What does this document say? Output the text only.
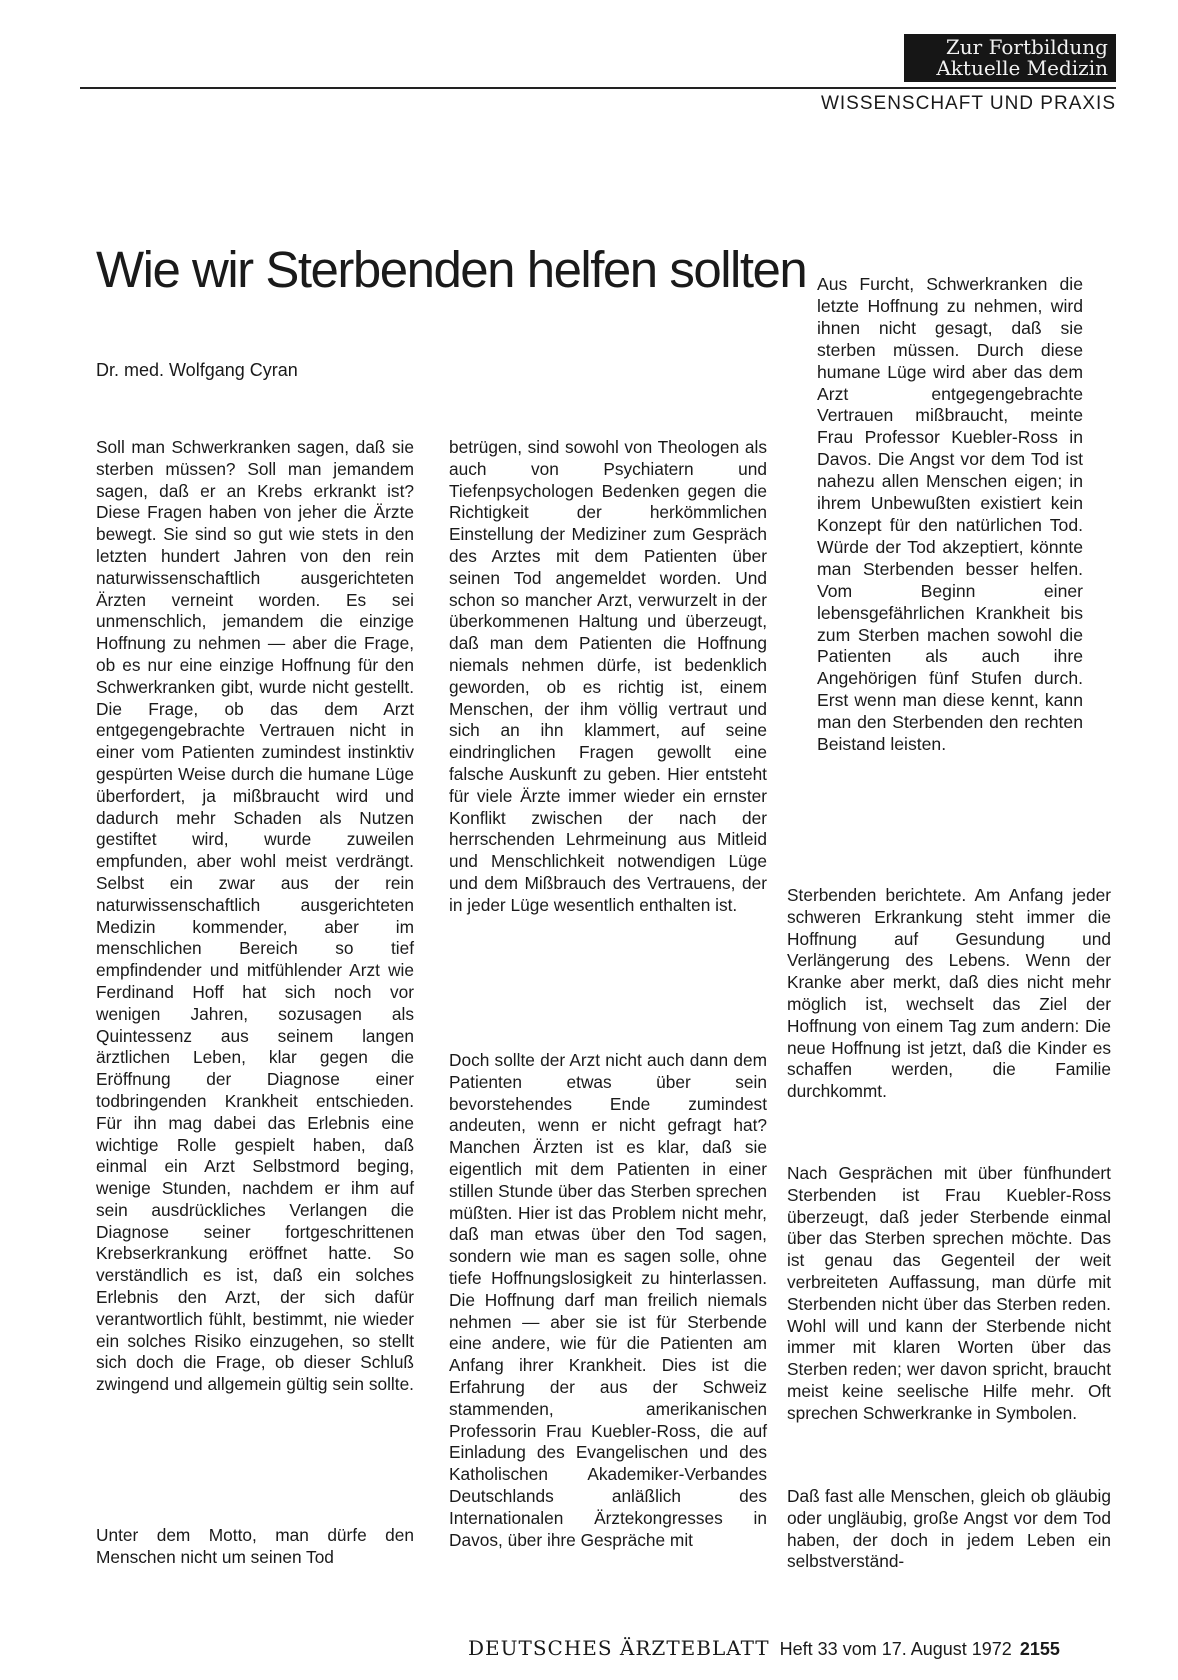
Zur Fortbildung
Aktuelle Medizin
WISSENSCHAFT UND PRAXIS
Wie wir Sterbenden helfen sollten
Dr. med. Wolfgang Cyran

Aus Furcht, Schwerkranken die letzte Hoffnung zu nehmen, wird ihnen nicht gesagt, daß sie sterben müssen. Durch diese humane Lüge wird aber das dem Arzt entgegengebrachte Vertrauen mißbraucht, meinte Frau Professor Kuebler-Ross in Davos. Die Angst vor dem Tod ist nahezu allen Menschen eigen; in ihrem Unbewußten existiert kein Konzept für den natürlichen Tod. Würde der Tod akzeptiert, könnte man Sterbenden besser helfen. Vom Beginn einer lebensgefährlichen Krankheit bis zum Sterben machen sowohl die Patienten als auch ihre Angehörigen fünf Stufen durch. Erst wenn man diese kennt, kann man den Sterbenden den rechten Beistand leisten.

Soll man Schwerkranken sagen, daß sie sterben müssen? Soll man jemandem sagen, daß er an Krebs erkrankt ist? Diese Fragen haben von jeher die Ärzte bewegt. Sie sind so gut wie stets in den letzten hundert Jahren von den rein naturwissenschaftlich ausgerichteten Ärzten verneint worden. Es sei unmenschlich, jemandem die einzige Hoffnung zu nehmen — aber die Frage, ob es nur eine einzige Hoffnung für den Schwerkranken gibt, wurde nicht gestellt. Die Frage, ob das dem Arzt entgegengebrachte Vertrauen nicht in einer vom Patienten zumindest instinktiv gespürten Weise durch die humane Lüge überfordert, ja mißbraucht wird und dadurch mehr Schaden als Nutzen gestiftet wird, wurde zuweilen empfunden, aber wohl meist verdrängt. Selbst ein zwar aus der rein naturwissenschaftlich ausgerichteten Medizin kommender, aber im menschlichen Bereich so tief empfindender und mitfühlender Arzt wie Ferdinand Hoff hat sich noch vor wenigen Jahren, sozusagen als Quintessenz aus seinem langen ärztlichen Leben, klar gegen die Eröffnung der Diagnose einer todbringenden Krankheit entschieden. Für ihn mag dabei das Erlebnis eine wichtige Rolle gespielt haben, daß einmal ein Arzt Selbstmord beging, wenige Stunden, nachdem er ihm auf sein ausdrückliches Verlangen die Diagnose seiner fortgeschrittenen Krebserkrankung eröffnet hatte. So verständlich es ist, daß ein solches Erlebnis den Arzt, der sich dafür verantwortlich fühlt, bestimmt, nie wieder ein solches Risiko einzugehen, so stellt sich doch die Frage, ob dieser Schluß zwingend und allgemein gültig sein sollte.

Unter dem Motto, man dürfe den Menschen nicht um seinen Tod

betrügen, sind sowohl von Theologen als auch von Psychiatern und Tiefenpsychologen Bedenken gegen die Richtigkeit der herkömmlichen Einstellung der Mediziner zum Gespräch des Arztes mit dem Patienten über seinen Tod angemeldet worden. Und schon so mancher Arzt, verwurzelt in der überkommenen Haltung und überzeugt, daß man dem Patienten die Hoffnung niemals nehmen dürfe, ist bedenklich geworden, ob es richtig ist, einem Menschen, der ihm völlig vertraut und sich an ihn klammert, auf seine eindringlichen Fragen gewollt eine falsche Auskunft zu geben. Hier entsteht für viele Ärzte immer wieder ein ernster Konflikt zwischen der nach der herrschenden Lehrmeinung aus Mitleid und Menschlichkeit notwendigen Lüge und dem Mißbrauch des Vertrauens, der in jeder Lüge wesentlich enthalten ist.

Doch sollte der Arzt nicht auch dann dem Patienten etwas über sein bevorstehendes Ende zumindest andeuten, wenn er nicht gefragt hat? Manchen Ärzten ist es klar, daß sie eigentlich mit dem Patienten in einer stillen Stunde über das Sterben sprechen müßten. Hier ist das Problem nicht mehr, daß man etwas über den Tod sagen, sondern wie man es sagen solle, ohne tiefe Hoffnungslosigkeit zu hinterlassen. Die Hoffnung darf man freilich niemals nehmen — aber sie ist für Sterbende eine andere, wie für die Patienten am Anfang ihrer Krankheit. Dies ist die Erfahrung der aus der Schweiz stammenden, amerikanischen Professorin Frau Kuebler-Ross, die auf Einladung des Evangelischen und des Katholischen Akademiker-Verbandes Deutschlands anläßlich des Internationalen Ärztekongresses in Davos, über ihre Gespräche mit

Sterbenden berichtete. Am Anfang jeder schweren Erkrankung steht immer die Hoffnung auf Gesundung und Verlängerung des Lebens. Wenn der Kranke aber merkt, daß dies nicht mehr möglich ist, wechselt das Ziel der Hoffnung von einem Tag zum andern: Die neue Hoffnung ist jetzt, daß die Kinder es schaffen werden, die Familie durchkommt.

Nach Gesprächen mit über fünfhundert Sterbenden ist Frau Kuebler-Ross überzeugt, daß jeder Sterbende einmal über das Sterben sprechen möchte. Das ist genau das Gegenteil der weit verbreiteten Auffassung, man dürfe mit Sterbenden nicht über das Sterben reden. Wohl will und kann der Sterbende nicht immer mit klaren Worten über das Sterben reden; wer davon spricht, braucht meist keine seelische Hilfe mehr. Oft sprechen Schwerkranke in Symbolen.

Daß fast alle Menschen, gleich ob gläubig oder ungläubig, große Angst vor dem Tod haben, der doch in jedem Leben ein selbstverständ-

DEUTSCHES ÄRZTEBLATT Heft 33 vom 17. August 1972 2155
